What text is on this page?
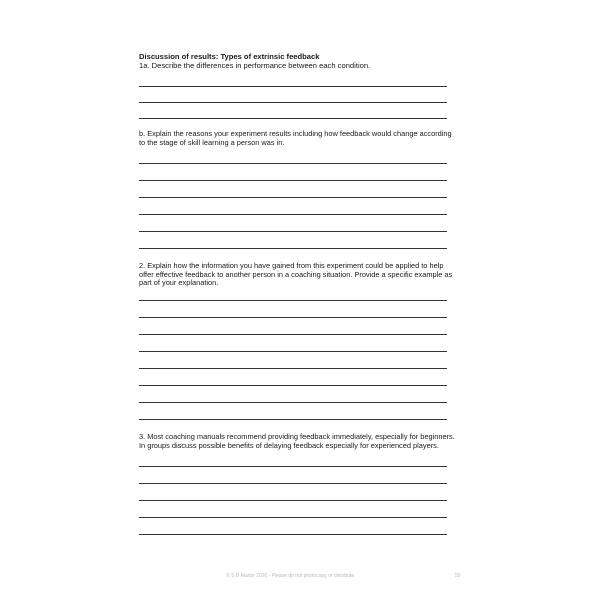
Discussion of results: Types of extrinsic feedback
1a. Describe the differences in performance between each condition.
b. Explain the reasons your experiment results including how feedback would change according to the stage of skill learning a person was in.
2. Explain how the information you have gained from this experiment could be applied to help offer effective feedback to another person in a coaching situation. Provide a specific example as part of your explanation.
3. Most coaching manuals recommend providing feedback immediately, especially for beginners. In groups discuss possible benefits of delaying feedback especially for experienced players.
© S D Martin 2026 - Please do not photocopy or distribute	59
